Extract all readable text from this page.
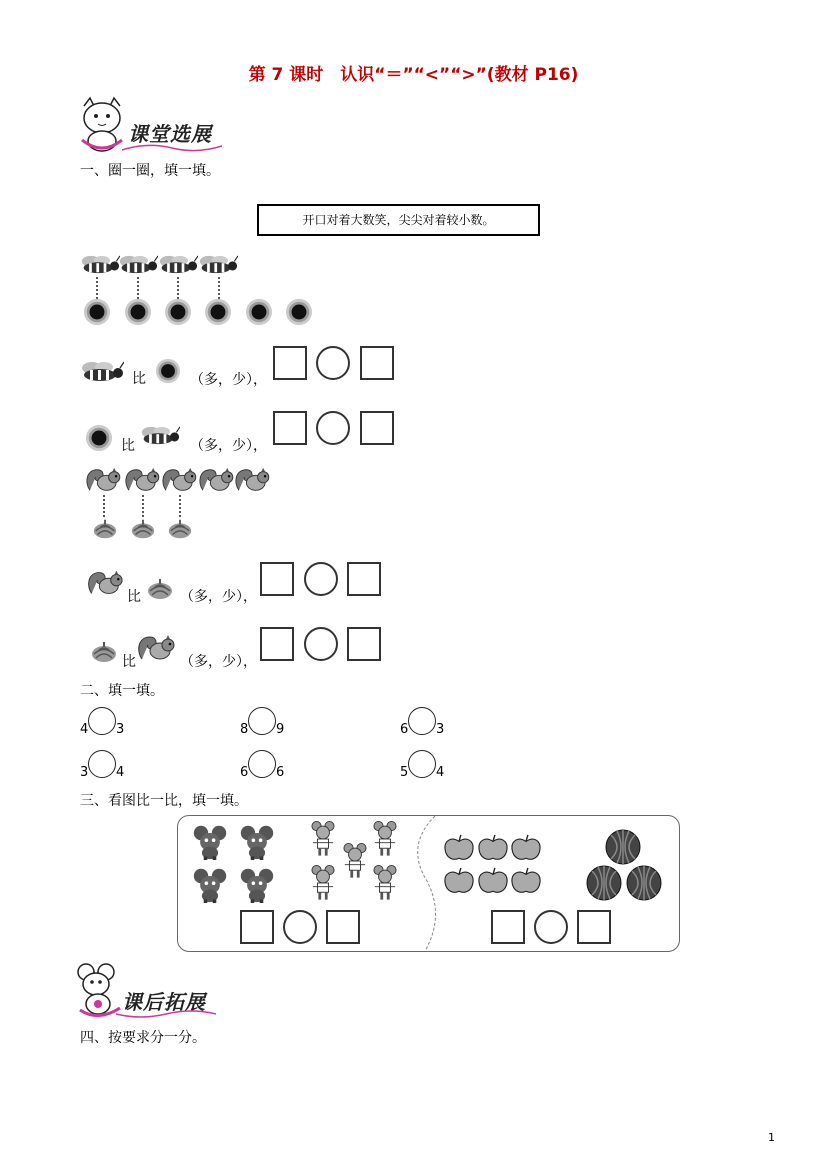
第 7 课时　认识“＝”“<”“>”(教材 P16)
课堂选展
一、圈一圈，填一填。
开口对着大数笑，尖尖对着较小数。
比	（多，少），
比	（多，少），
比	（多，少），
比	（多，少），
二、填一填。
4 3	8 9	6 3
3 4	6 6	5 4
三、看图比一比，填一填。
课后拓展
四、按要求分一分。
1
